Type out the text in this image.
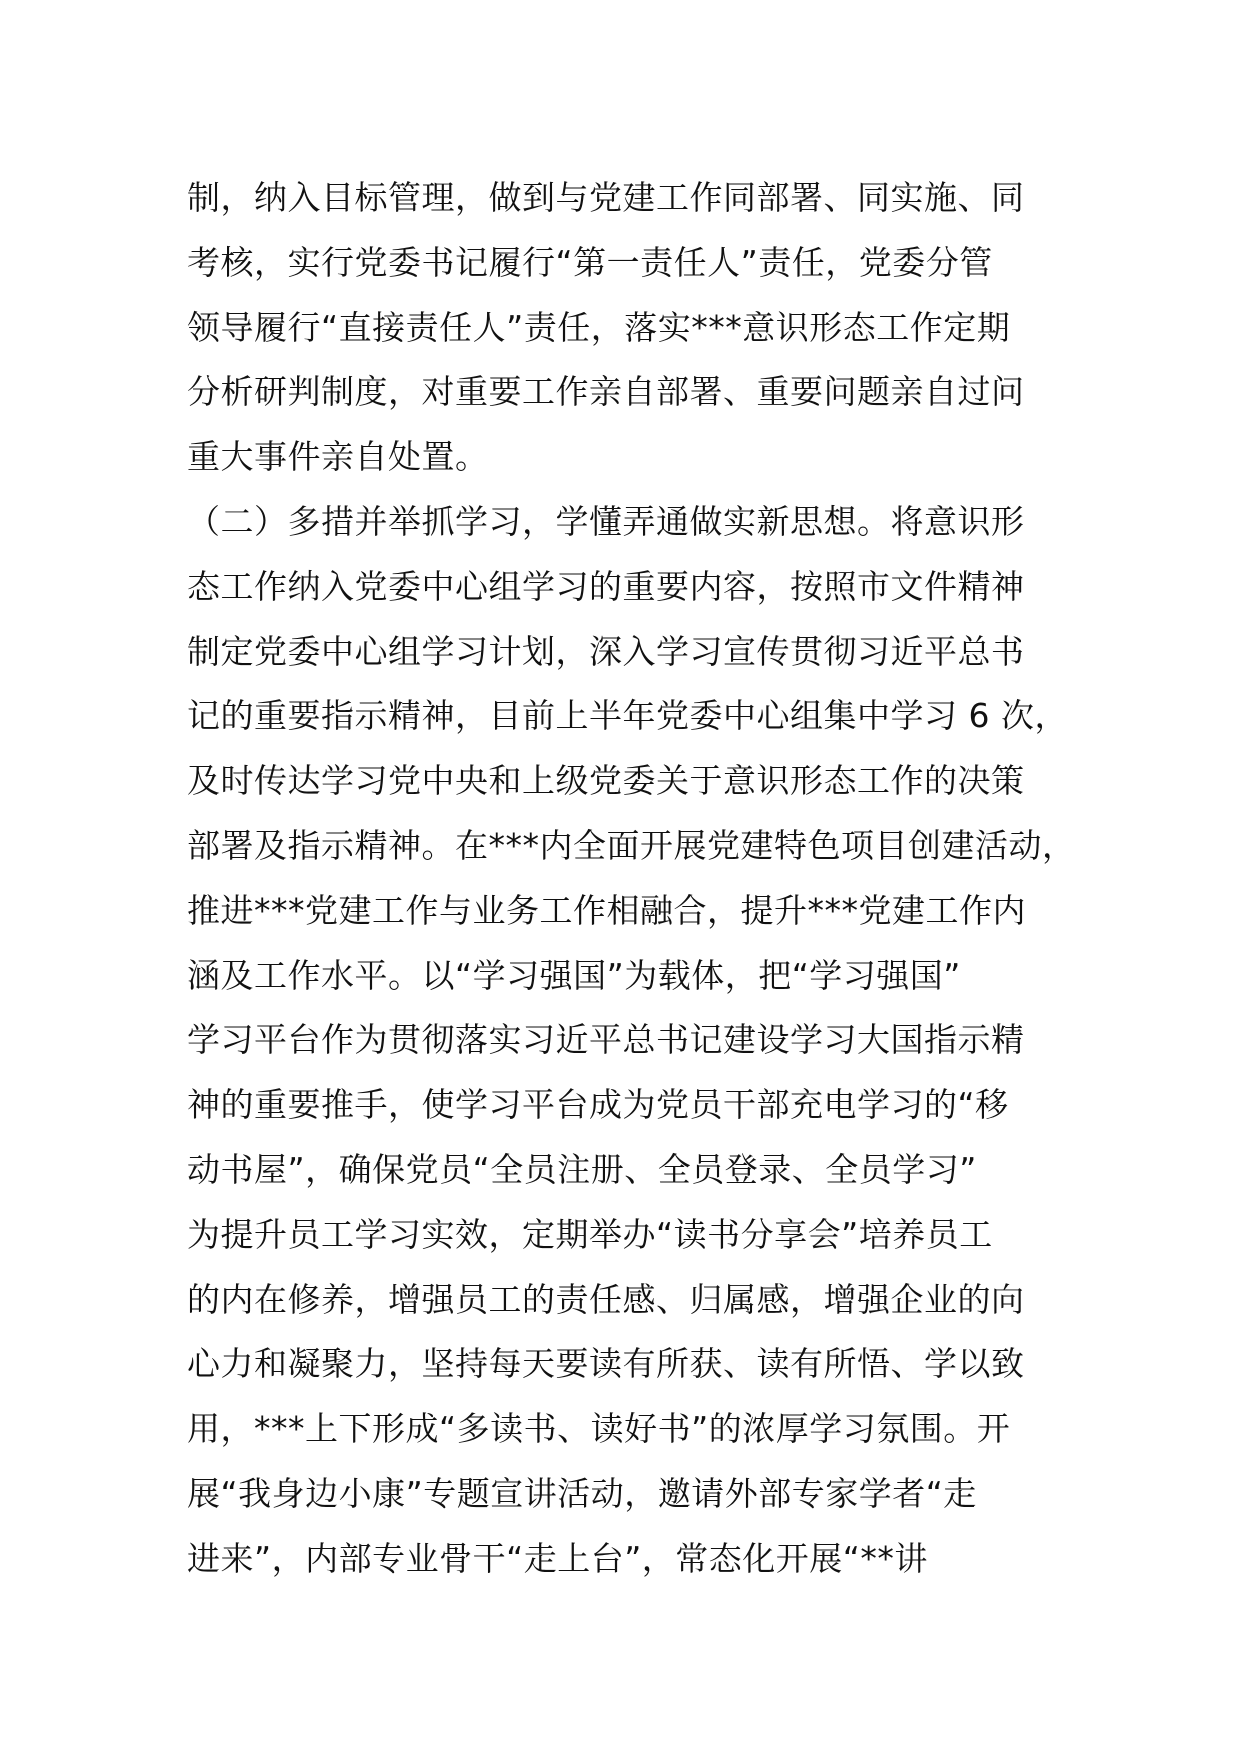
制，纳入目标管理，做到与党建工作同部署、同实施、同
考核，实行党委书记履行“第一责任人”责任，党委分管
领导履行“直接责任人”责任，落实***意识形态工作定期
分析研判制度，对重要工作亲自部署、重要问题亲自过问
重大事件亲自处置。
（二）多措并举抓学习，学懂弄通做实新思想。将意识形
态工作纳入党委中心组学习的重要内容，按照市文件精神
制定党委中心组学习计划，深入学习宣传贯彻习近平总书
记的重要指示精神，目前上半年党委中心组集中学习 6 次，
及时传达学习党中央和上级党委关于意识形态工作的决策
部署及指示精神。在***内全面开展党建特色项目创建活动，
推进***党建工作与业务工作相融合，提升***党建工作内
涵及工作水平。以“学习强国”为载体，把“学习强国”
学习平台作为贯彻落实习近平总书记建设学习大国指示精
神的重要推手，使学习平台成为党员干部充电学习的“移
动书屋”，确保党员“全员注册、全员登录、全员学习”
为提升员工学习实效，定期举办“读书分享会”培养员工
的内在修养，增强员工的责任感、归属感，增强企业的向
心力和凝聚力，坚持每天要读有所获、读有所悟、学以致
用，***上下形成“多读书、读好书”的浓厚学习氛围。开
展“我身边小康”专题宣讲活动，邀请外部专家学者“走
进来”，内部专业骨干“走上台”，常态化开展“**讲
